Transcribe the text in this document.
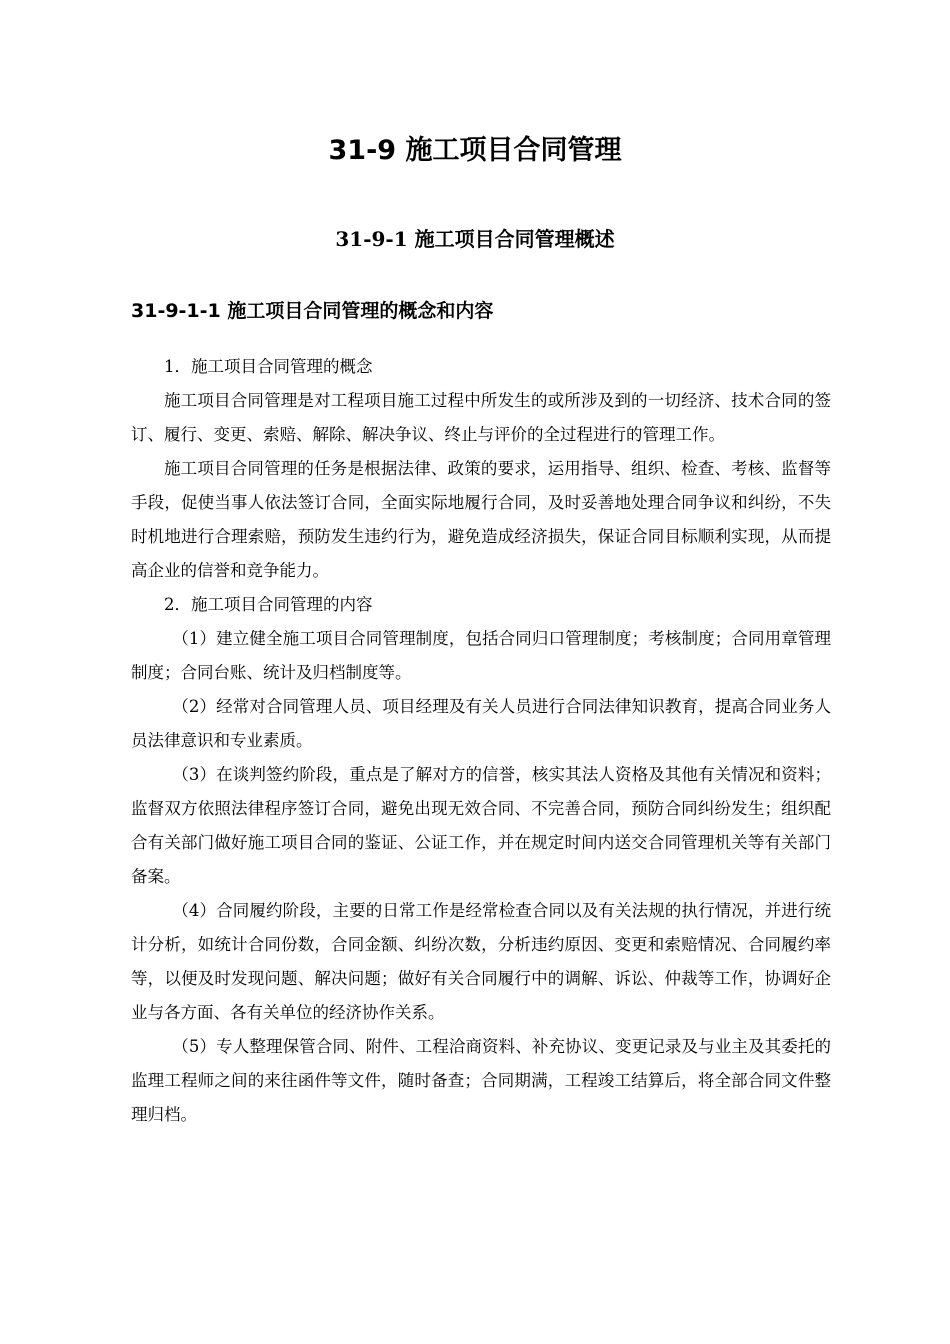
31-9 施工项目合同管理
31-9-1 施工项目合同管理概述
31-9-1-1 施工项目合同管理的概念和内容

1．施工项目合同管理的概念

施工项目合同管理是对工程项目施工过程中所发生的或所涉及到的一切经济、技术合同的签订、履行、变更、索赔、解除、解决争议、终止与评价的全过程进行的管理工作。

施工项目合同管理的任务是根据法律、政策的要求，运用指导、组织、检查、考核、监督等手段，促使当事人依法签订合同，全面实际地履行合同，及时妥善地处理合同争议和纠纷，不失时机地进行合理索赔，预防发生违约行为，避免造成经济损失，保证合同目标顺利实现，从而提高企业的信誉和竞争能力。

2．施工项目合同管理的内容

（1）建立健全施工项目合同管理制度，包括合同归口管理制度；考核制度；合同用章管理制度；合同台账、统计及归档制度等。

（2）经常对合同管理人员、项目经理及有关人员进行合同法律知识教育，提高合同业务人员法律意识和专业素质。

（3）在谈判签约阶段，重点是了解对方的信誉，核实其法人资格及其他有关情况和资料；监督双方依照法律程序签订合同，避免出现无效合同、不完善合同，预防合同纠纷发生；组织配合有关部门做好施工项目合同的鉴证、公证工作，并在规定时间内送交合同管理机关等有关部门备案。

（4）合同履约阶段，主要的日常工作是经常检查合同以及有关法规的执行情况，并进行统计分析，如统计合同份数，合同金额、纠纷次数，分析违约原因、变更和索赔情况、合同履约率等，以便及时发现问题、解决问题；做好有关合同履行中的调解、诉讼、仲裁等工作，协调好企业与各方面、各有关单位的经济协作关系。

（5）专人整理保管合同、附件、工程洽商资料、补充协议、变更记录及与业主及其委托的监理工程师之间的来往函件等文件，随时备查；合同期满，工程竣工结算后，将全部合同文件整理归档。
